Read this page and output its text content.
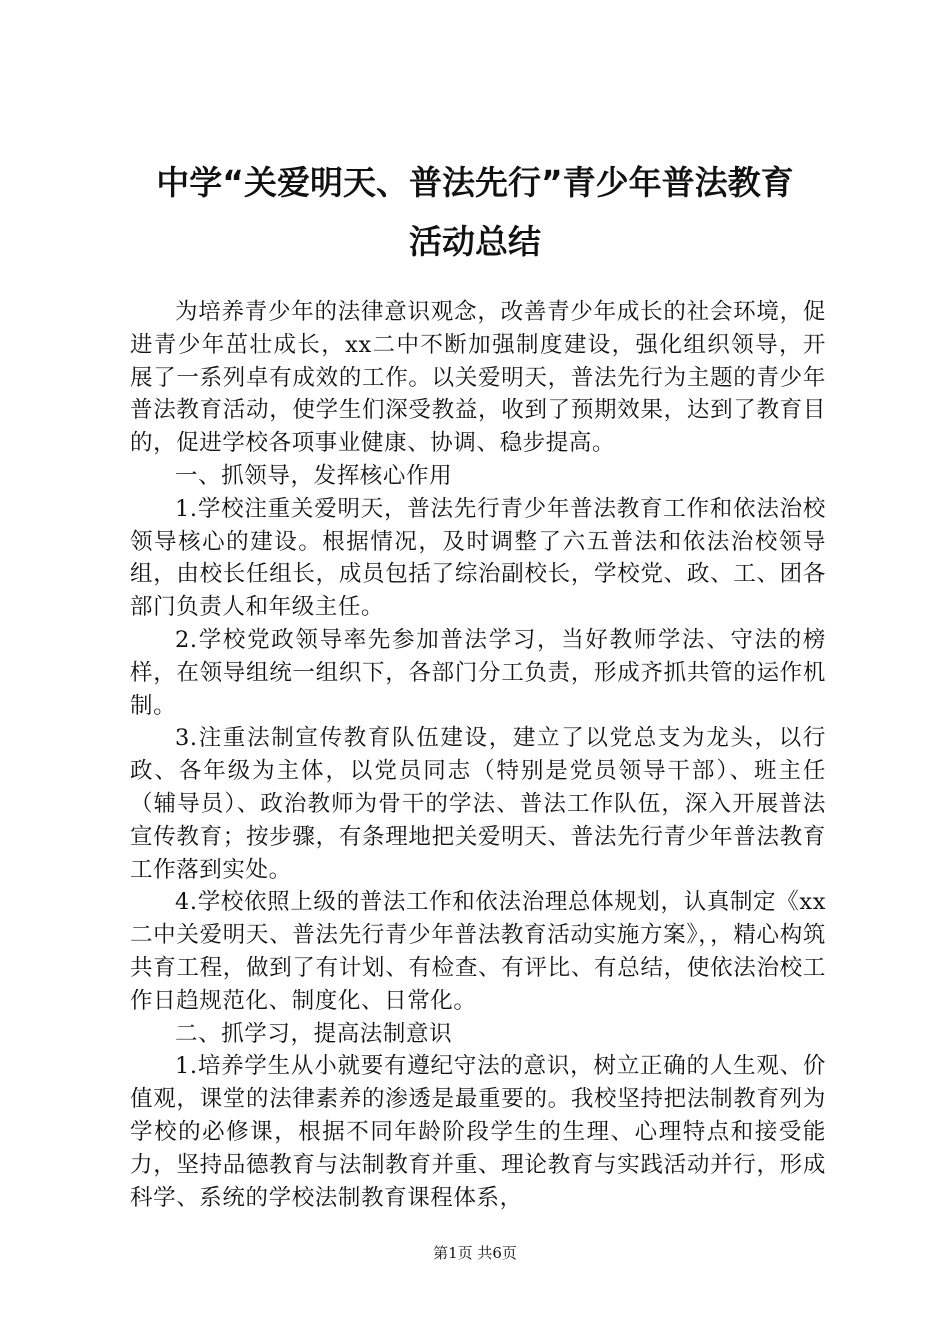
中学“关爱明天、普法先行”青少年普法教育
活动总结

为培养青少年的法律意识观念，改善青少年成长的社会环境，促进青少年茁壮成长，xx二中不断加强制度建设，强化组织领导，开展了一系列卓有成效的工作。以关爱明天，普法先行为主题的青少年普法教育活动，使学生们深受教益，收到了预期效果，达到了教育目的，促进学校各项事业健康、协调、稳步提高。

一、抓领导，发挥核心作用

1.学校注重关爱明天，普法先行青少年普法教育工作和依法治校领导核心的建设。根据情况，及时调整了六五普法和依法治校领导组，由校长任组长，成员包括了综治副校长，学校党、政、工、团各部门负责人和年级主任。

2.学校党政领导率先参加普法学习，当好教师学法、守法的榜样，在领导组统一组织下，各部门分工负责，形成齐抓共管的运作机制。

3.注重法制宣传教育队伍建设，建立了以党总支为龙头，以行政、各年级为主体，以党员同志（特别是党员领导干部）、班主任（辅导员）、政治教师为骨干的学法、普法工作队伍，深入开展普法宣传教育；按步骤，有条理地把关爱明天、普法先行青少年普法教育工作落到实处。

4.学校依照上级的普法工作和依法治理总体规划，认真制定《xx二中关爱明天、普法先行青少年普法教育活动实施方案》，，精心构筑共育工程，做到了有计划、有检查、有评比、有总结，使依法治校工作日趋规范化、制度化、日常化。

二、抓学习，提高法制意识

1.培养学生从小就要有遵纪守法的意识，树立正确的人生观、价值观，课堂的法律素养的渗透是最重要的。我校坚持把法制教育列为学校的必修课，根据不同年龄阶段学生的生理、心理特点和接受能力，坚持品德教育与法制教育并重、理论教育与实践活动并行，形成科学、系统的学校法制教育课程体系，

第1页 共6页
